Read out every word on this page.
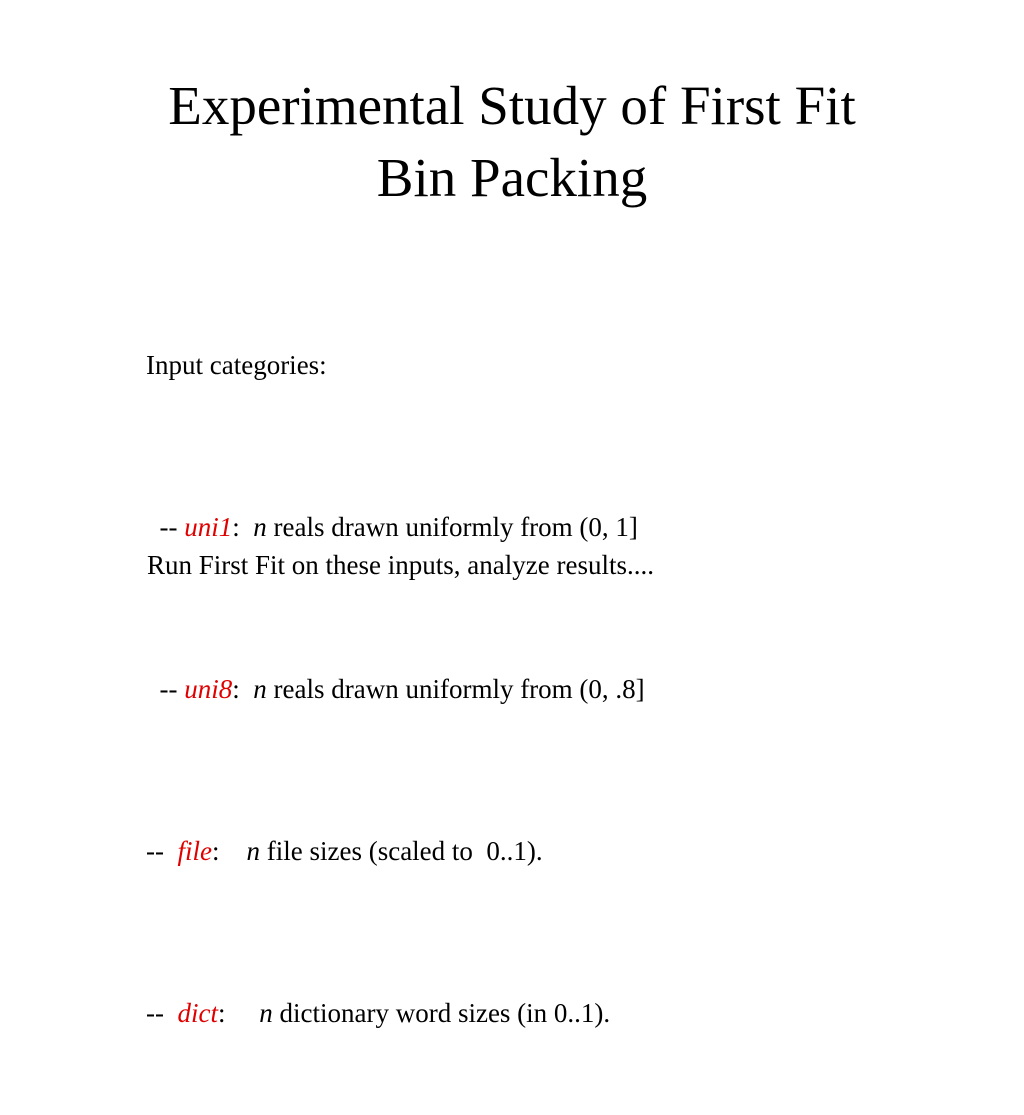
Experimental Study of First Fit
Bin Packing

Input categories:

-- uni1:  n reals drawn uniformly from (0, 1]

-- uni8:  n reals drawn uniformly from (0, .8]

--  file:    n file sizes (scaled to  0..1).

--  dict:     n dictionary word sizes (in 0..1).

Run First Fit on these inputs, analyze results....
